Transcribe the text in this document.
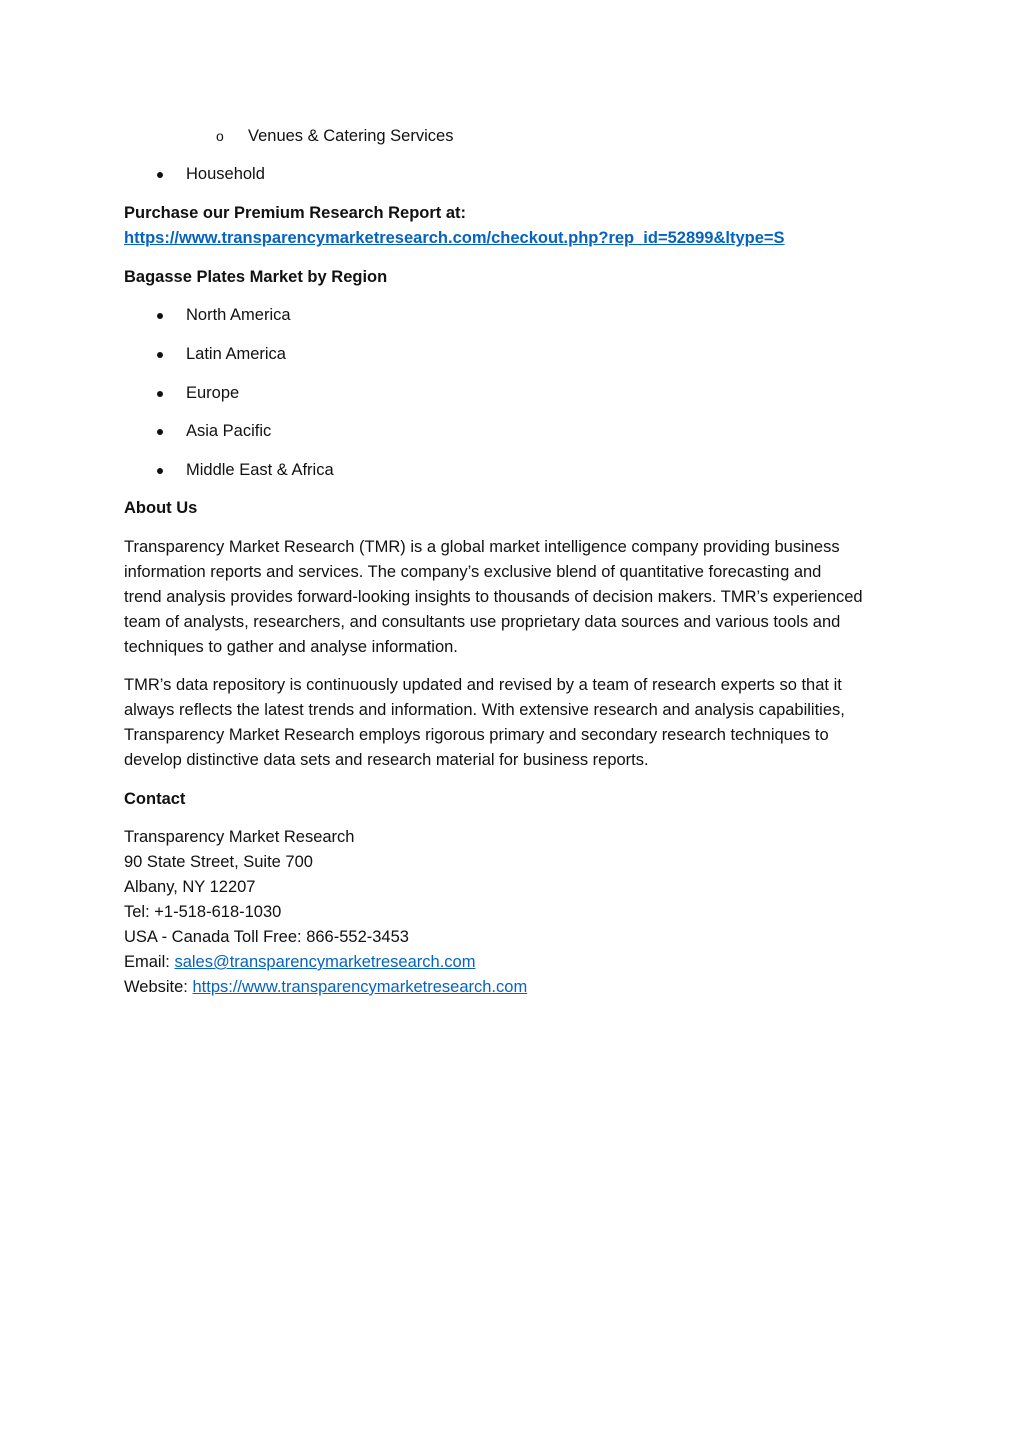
o Venues & Catering Services
Household
Purchase our Premium Research Report at:
https://www.transparencymarketresearch.com/checkout.php?rep_id=52899&ltype=S
Bagasse Plates Market by Region
North America
Latin America
Europe
Asia Pacific
Middle East & Africa
About Us
Transparency Market Research (TMR) is a global market intelligence company providing business
information reports and services. The company’s exclusive blend of quantitative forecasting and
trend analysis provides forward-looking insights to thousands of decision makers. TMR’s experienced
team of analysts, researchers, and consultants use proprietary data sources and various tools and
techniques to gather and analyse information.
TMR’s data repository is continuously updated and revised by a team of research experts so that it
always reflects the latest trends and information. With extensive research and analysis capabilities,
Transparency Market Research employs rigorous primary and secondary research techniques to
develop distinctive data sets and research material for business reports.
Contact
Transparency Market Research
90 State Street, Suite 700
Albany, NY 12207
Tel: +1-518-618-1030
USA - Canada Toll Free: 866-552-3453
Email: sales@transparencymarketresearch.com
Website: https://www.transparencymarketresearch.com
